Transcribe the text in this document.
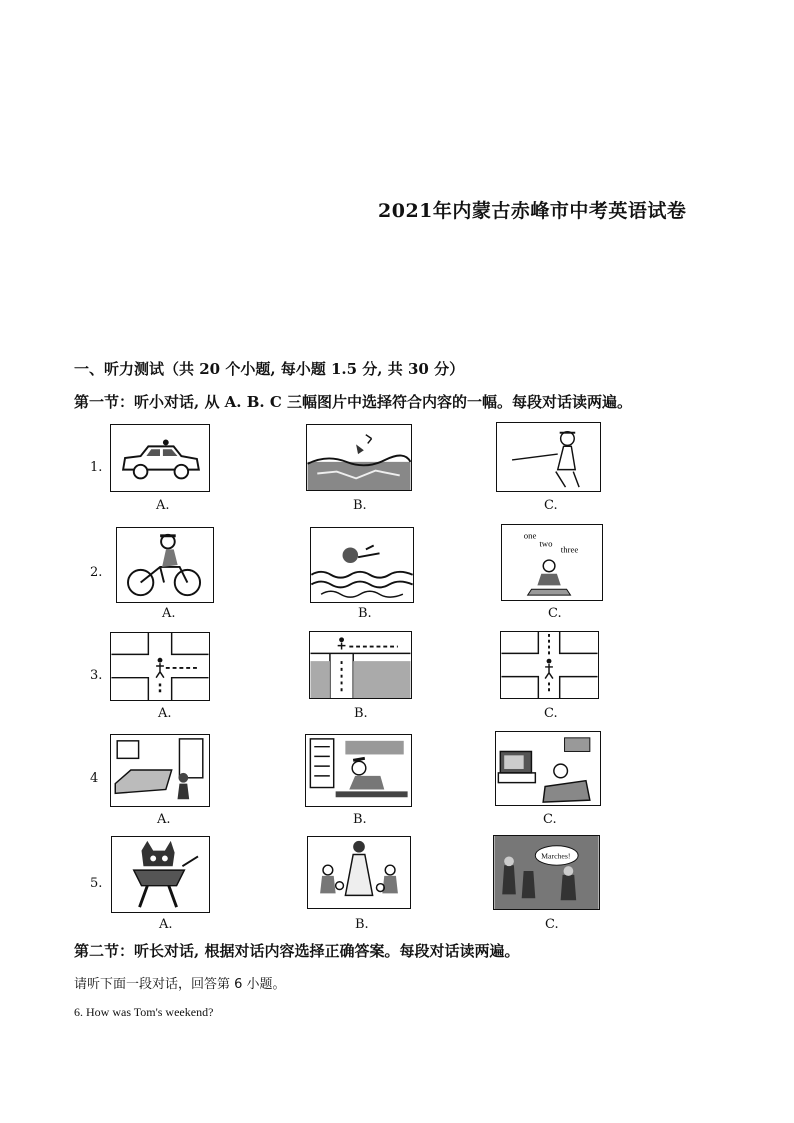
2021年内蒙古赤峰市中考英语试卷
一、听力测试（共 20 个小题, 每小题 1.5 分, 共 30 分）
第一节：听小对话, 从 A. B. C 三幅图片中选择符合内容的一幅。每段对话读两遍。
1.
A.	B.	C.
2.
one
two
three
A.	B.	C.
3.
A.	B.	C.
4
A.	B.	C.
5.
Marches!
A.	B.	C.
第二节：听长对话, 根据对话内容选择正确答案。每段对话读两遍。
请听下面一段对话，回答第 6 小题。
6. How was Tom's weekend?
